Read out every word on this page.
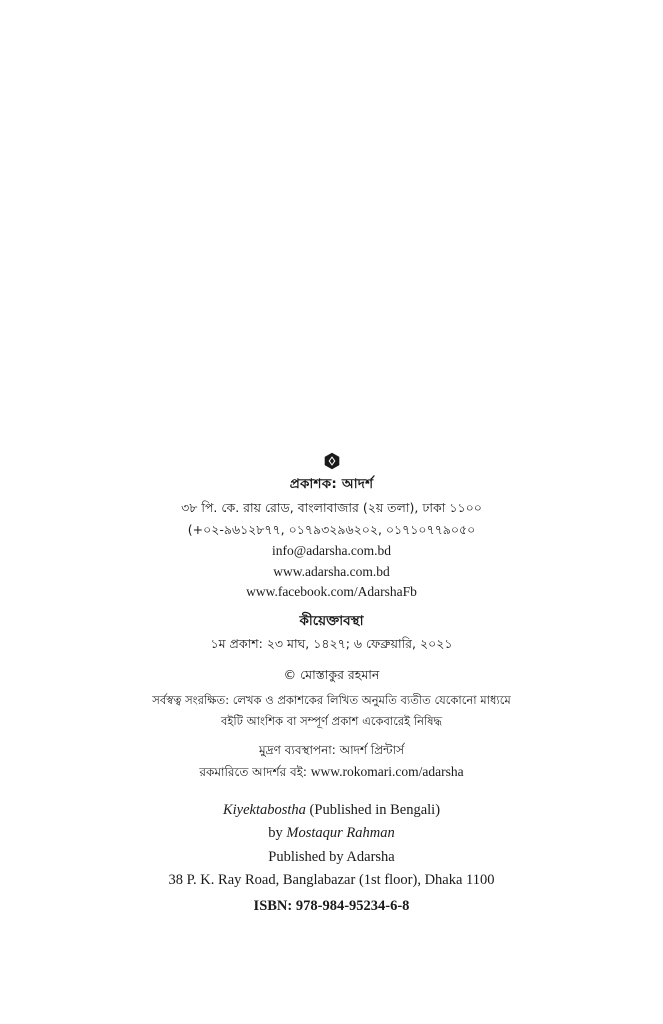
প্রকাশক: আদর্শ
৩৮ পি. কে. রায় রোড, বাংলাবাজার (২য় তলা), ঢাকা ১১০০
(+০২-৯৬১২৮৭৭, ০১৭৯৩২৯৬২০২, ০১৭১০৭৭৯০৫০
info@adarsha.com.bd
www.adarsha.com.bd
www.facebook.com/AdarshaFb
কীয়েক্তাবস্থা
১ম প্রকাশ: ২৩ মাঘ, ১৪২৭; ৬ ফেব্রুয়ারি, ২০২১
© মোস্তাকুর রহমান
সর্বস্বত্ব সংরক্ষিত: লেখক ও প্রকাশকের লিখিত অনুমতি ব্যতীত যেকোনো মাধ্যমে
বইটি আংশিক বা সম্পূর্ণ প্রকাশ একেবারেই নিষিদ্ধ
মুদ্রণ ব্যবস্থাপনা: আদর্শ প্রিন্টার্স
রকমারিতে আদর্শর বই: www.rokomari.com/adarsha
Kiyektabostha (Published in Bengali)
by Mostaqur Rahman
Published by Adarsha
38 P. K. Ray Road, Banglabazar (1st floor), Dhaka 1100
ISBN: 978-984-95234-6-8
